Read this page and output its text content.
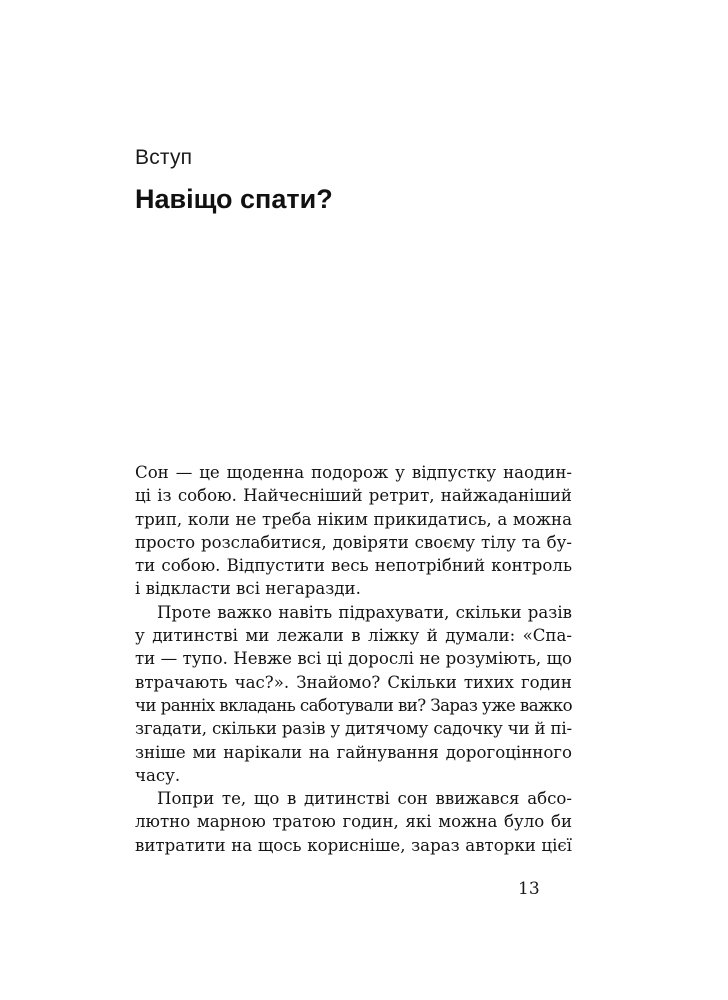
Вступ
Навіщо спати?
Сон — це щоденна подорож у відпустку наодин-
ці із собою. Найчесніший ретрит, найжаданіший
трип, коли не треба ніким прикидатись, а можна
просто розслабитися, довіряти своєму тілу та бу-
ти собою. Відпустити весь непотрібний контроль
і відкласти всі негаразди.
Проте важко навіть підрахувати, скільки разів
у дитинстві ми лежали в ліжку й думали: «Спа-
ти — тупо. Невже всі ці дорослі не розуміють, що
втрачають час?». Знайомо? Скільки тихих годин
чи ранніх вкладань саботували ви? Зараз уже важко
згадати, скільки разів у дитячому садочку чи й пі-
зніше ми нарікали на гайнування дорогоцінного
часу.
Попри те, що в дитинстві сон ввижався абсо-
лютно марною тратою годин, які можна було би
витратити на щось корисніше, зараз авторки цієї
13
